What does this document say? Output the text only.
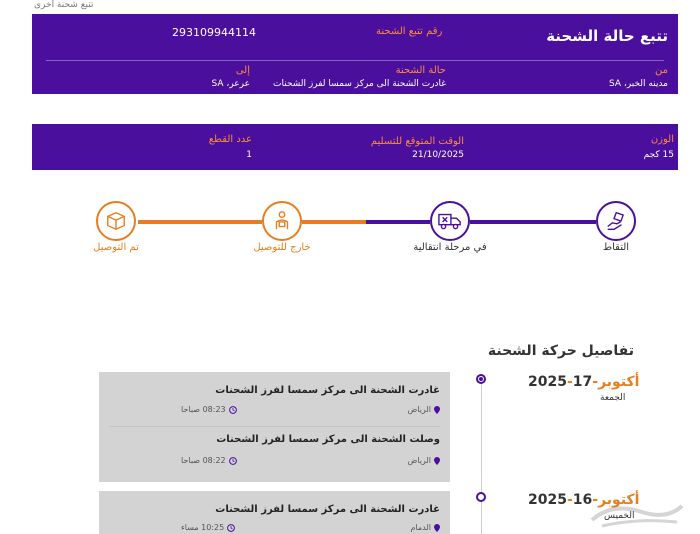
تتبع شحنة اخرى
تتبع حالة الشحنة
رقم تتبع الشحنة
293109944114
من
مدينه الخبر، SA
حالة الشحنة
غادرت الشحنة الى مركز سمسا لفرز الشحنات
إلى
عرعر، SA
الوزن
15 كجم
الوقت المتوقع للتسليم
21/10/2025
عدد القطع
1
التقاط
في مرحلة انتقالية
خارج للتوصيل
تم التوصيل
تفاصيل حركة الشحنة
2025-أكتوبر-17
الجمعة
غادرت الشحنة الى مركز سمسا لفرز الشحنات
الرياض
08:23 صباحا
وصلت الشحنة الى مركز سمسا لفرز الشحنات
الرياض
08:22 صباحا
2025-أكتوبر-16
الخميس
غادرت الشحنة الى مركز سمسا لفرز الشحنات
الدمام
10:25 مساء
